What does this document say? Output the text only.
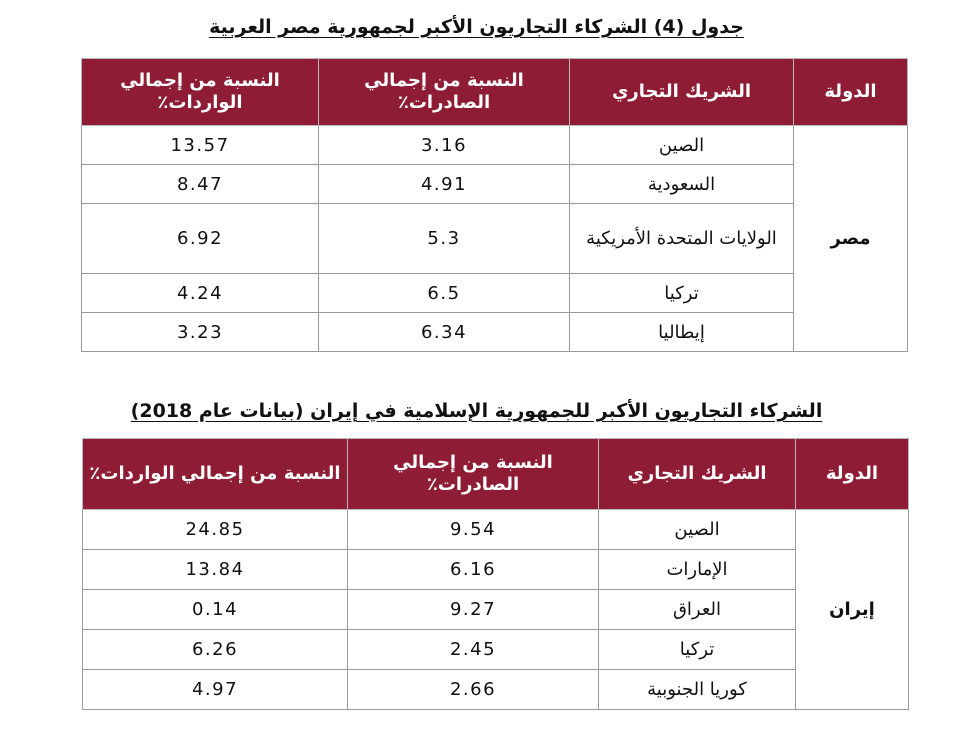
جدول (4) الشركاء التجاريون الأكبر لجمهورية مصر العربية
الدولة	الشريك التجاري	النسبة من إجمالي الصادرات٪	النسبة من إجمالي الواردات٪
مصر	الصين	3.16	13.57
	السعودية	4.91	8.47
	الولايات المتحدة الأمريكية	5.3	6.92
	تركيا	6.5	4.24
	إيطاليا	6.34	3.23
الشركاء التجاريون الأكبر للجمهورية الإسلامية في إيران (بيانات عام 2018)
الدولة	الشريك التجاري	النسبة من إجمالي الصادرات٪	النسبة من إجمالي الواردات٪
إيران	الصين	9.54	24.85
	الإمارات	6.16	13.84
	العراق	9.27	0.14
	تركيا	2.45	6.26
	كوريا الجنوبية	2.66	4.97
